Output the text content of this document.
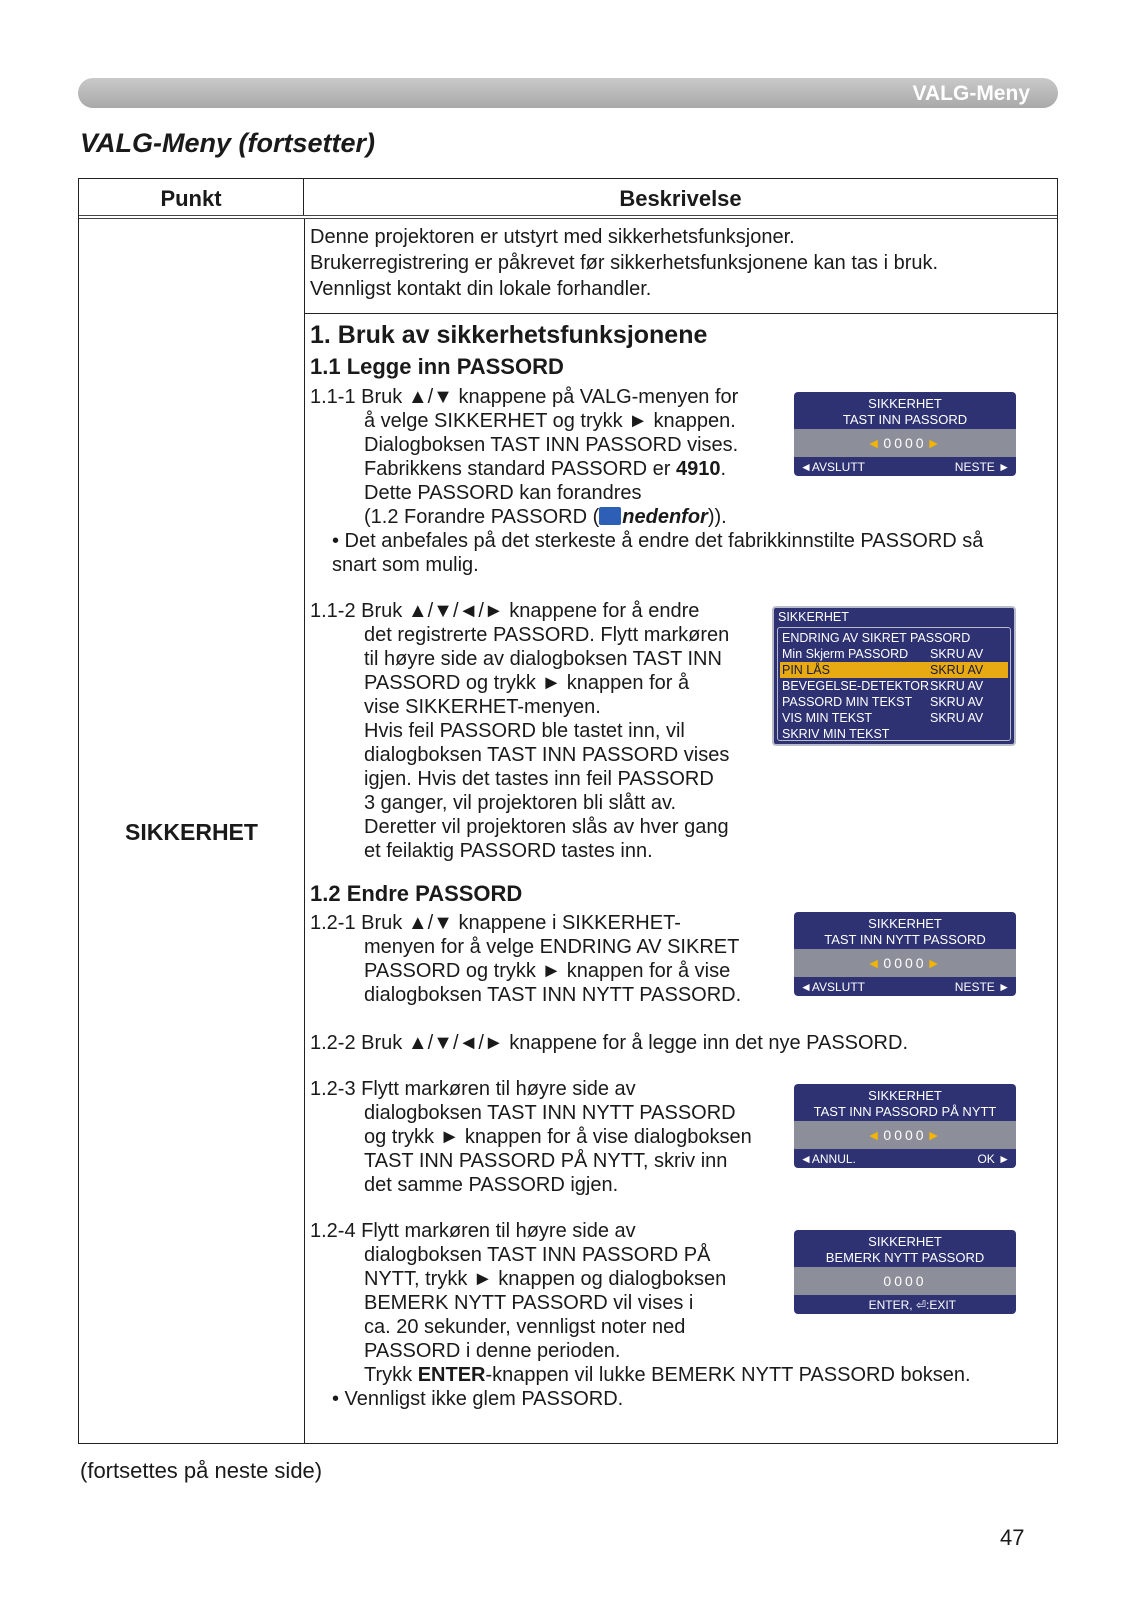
VALG-Meny
VALG-Meny (fortsetter)
Punkt	Beskrivelse
SIKKERHET
Denne projektoren er utstyrt med sikkerhetsfunksjoner.
Brukerregistrering er påkrevet før sikkerhetsfunksjonene kan tas i bruk.
Vennligst kontakt din lokale forhandler.
1. Bruk av sikkerhetsfunksjonene
1.1 Legge inn PASSORD
1.1-1 Bruk ▲/▼ knappene på VALG-menyen for
å velge SIKKERHET og trykk ► knappen.
Dialogboksen TAST INN PASSORD vises.
Fabrikkens standard PASSORD er 4910.
Dette PASSORD kan forandres
(1.2 Forandre PASSORD ( nedenfor)).
• Det anbefales på det sterkeste å endre det fabrikkinnstilte PASSORD så
snart som mulig.
1.1-2 Bruk ▲/▼/◄/► knappene for å endre
det registrerte PASSORD. Flytt markøren
til høyre side av dialogboksen TAST INN
PASSORD og trykk ► knappen for å
vise SIKKERHET-menyen.
Hvis feil PASSORD ble tastet inn, vil
dialogboksen TAST INN PASSORD vises
igjen. Hvis det tastes inn feil PASSORD
3 ganger, vil projektoren bli slått av.
Deretter vil projektoren slås av hver gang
et feilaktig PASSORD tastes inn.
1.2 Endre PASSORD
1.2-1 Bruk ▲/▼ knappene i SIKKERHET-
menyen for å velge ENDRING AV SIKRET
PASSORD og trykk ► knappen for å vise
dialogboksen TAST INN NYTT PASSORD.
1.2-2 Bruk ▲/▼/◄/► knappene for å legge inn det nye PASSORD.
1.2-3 Flytt markøren til høyre side av
dialogboksen TAST INN NYTT PASSORD
og trykk ► knappen for å vise dialogboksen
TAST INN PASSORD PÅ NYTT, skriv inn
det samme PASSORD igjen.
1.2-4 Flytt markøren til høyre side av
dialogboksen TAST INN PASSORD PÅ
NYTT, trykk ► knappen og dialogboksen
BEMERK NYTT PASSORD vil vises i
ca. 20 sekunder, vennligst noter ned
PASSORD i denne perioden.
Trykk ENTER-knappen vil lukke BEMERK NYTT PASSORD boksen.
• Vennligst ikke glem PASSORD.
SIKKERHET
TAST INN PASSORD
◄0000►
◄AVSLUTT	NESTE ►
SIKKERHET
ENDRING AV SIKRET PASSORD
Min Skjerm PASSORD SKRU AV
PIN LÅS	SKRU AV
BEVEGELSE-DETEKTOR SKRU AV
PASSORD MIN TEKST SKRU AV
VIS MIN TEKST	SKRU AV
SKRIV MIN TEKST
SIKKERHET
TAST INN NYTT PASSORD
◄0000►
◄AVSLUTT	NESTE ►
SIKKERHET
TAST INN PASSORD PÅ NYTT
◄0000►
◄ANNUL.	OK ►
SIKKERHET
BEMERK NYTT PASSORD
0000
ENTER, ⏎:EXIT
(fortsettes på neste side)
47
